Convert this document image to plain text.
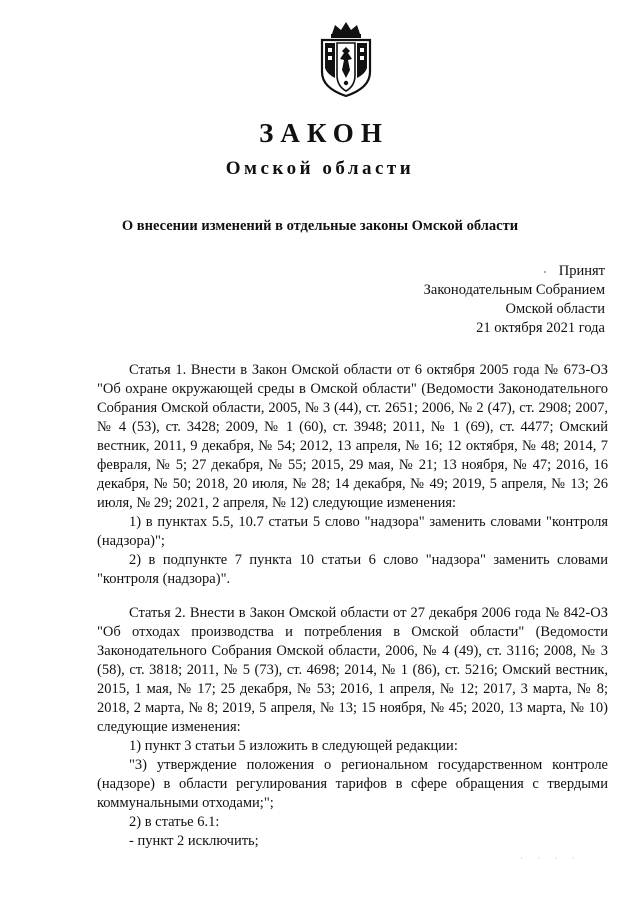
ЗАКОН
Омской области
О внесении изменений в отдельные законы Омской области
Принят
Законодательным Собранием
Омской области
21 октября 2021 года

Статья 1. Внести в Закон Омской области от 6 октября 2005 года № 673-ОЗ "Об охране окружающей среды в Омской области" (Ведомости Законодательного Собрания Омской области, 2005, № 3 (44), ст. 2651; 2006, № 2 (47), ст. 2908; 2007, № 4 (53), ст. 3428; 2009, № 1 (60), ст. 3948; 2011, № 1 (69), ст. 4477; Омский вестник, 2011, 9 декабря, № 54; 2012, 13 апреля, № 16; 12 октября, № 48; 2014, 7 февраля, № 5; 27 декабря, № 55; 2015, 29 мая, № 21; 13 ноября, № 47; 2016, 16 декабря, № 50; 2018, 20 июля, № 28; 14 декабря, № 49; 2019, 5 апреля, № 13; 26 июля, № 29; 2021, 2 апреля, № 12) следующие изменения:

1) в пунктах 5.5, 10.7 статьи 5 слово "надзора" заменить словами "контроля (надзора)";

2) в подпункте 7 пункта 10 статьи 6 слово "надзора" заменить словами "контроля (надзора)".

Статья 2. Внести в Закон Омской области от 27 декабря 2006 года № 842-ОЗ "Об отходах производства и потребления в Омской области" (Ведомости Законодательного Собрания Омской области, 2006, № 4 (49), ст. 3116; 2008, № 3 (58), ст. 3818; 2011, № 5 (73), ст. 4698; 2014, № 1 (86), ст. 5216; Омский вестник, 2015, 1 мая, № 17; 25 декабря, № 53; 2016, 1 апреля, № 12; 2017, 3 марта, № 8; 2018, 2 марта, № 8; 2019, 5 апреля, № 13; 15 ноября, № 45; 2020, 13 марта, № 10) следующие изменения:

1) пункт 3 статьи 5 изложить в следующей редакции:

"3) утверждение положения о региональном государственном контроле (надзоре) в области регулирования тарифов в сфере обращения с твердыми коммунальными отходами;";

2) в статье 6.1:

- пункт 2 исключить;

· · · ·
